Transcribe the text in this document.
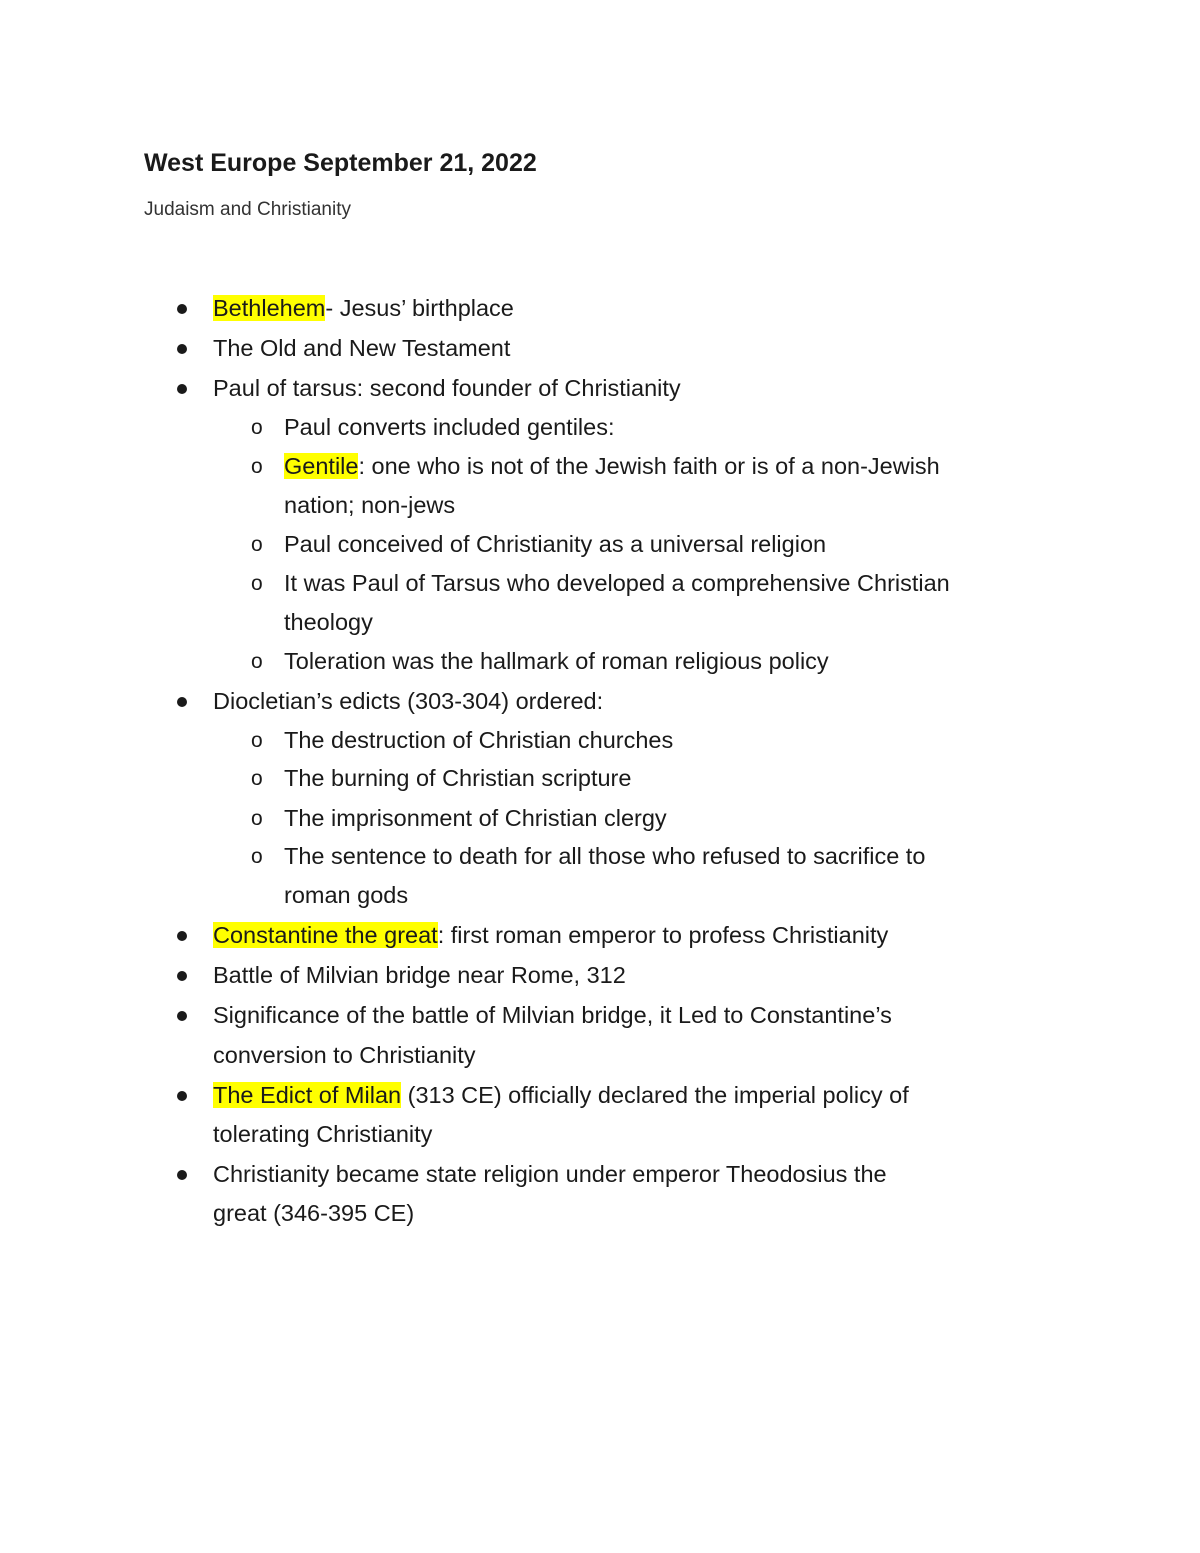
West Europe September 21, 2022
Judaism and Christianity
Bethlehem- Jesus’ birthplace
The Old and New Testament
Paul of tarsus: second founder of Christianity
o Paul converts included gentiles:
o Gentile: one who is not of the Jewish faith or is of a non-Jewish
nation; non-jews
o Paul conceived of Christianity as a universal religion
o It was Paul of Tarsus who developed a comprehensive Christian
theology
o Toleration was the hallmark of roman religious policy
Diocletian’s edicts (303-304) ordered:
o The destruction of Christian churches
o The burning of Christian scripture
o The imprisonment of Christian clergy
o The sentence to death for all those who refused to sacrifice to
roman gods
Constantine the great: first roman emperor to profess Christianity
Battle of Milvian bridge near Rome, 312
Significance of the battle of Milvian bridge, it Led to Constantine’s
conversion to Christianity
The Edict of Milan (313 CE) officially declared the imperial policy of
tolerating Christianity
Christianity became state religion under emperor Theodosius the
great (346-395 CE)
